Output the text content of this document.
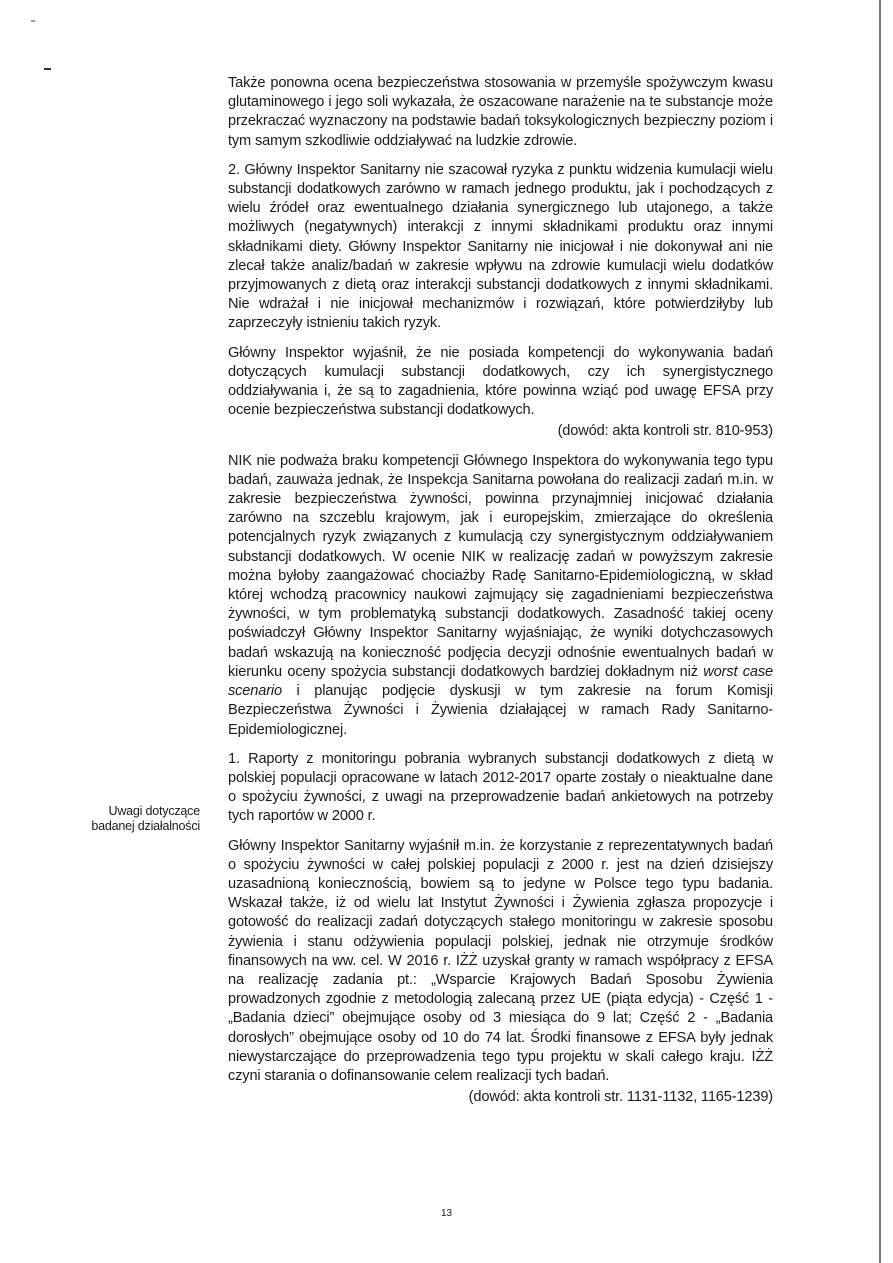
Także ponowna ocena bezpieczeństwa stosowania w przemyśle spożywczym kwasu glutaminowego i jego soli wykazała, że oszacowane narażenie na te substancje może przekraczać wyznaczony na podstawie badań toksykologicznych bezpieczny poziom i tym samym szkodliwie oddziaływać na ludzkie zdrowie.

2. Główny Inspektor Sanitarny nie szacował ryzyka z punktu widzenia kumulacji wielu substancji dodatkowych zarówno w ramach jednego produktu, jak i pochodzących z wielu źródeł oraz ewentualnego działania synergicznego lub utajonego, a także możliwych (negatywnych) interakcji z innymi składnikami produktu oraz innymi składnikami diety. Główny Inspektor Sanitarny nie inicjował i nie dokonywał ani nie zlecał także analiz/badań w zakresie wpływu na zdrowie kumulacji wielu dodatków przyjmowanych z dietą oraz interakcji substancji dodatkowych z innymi składnikami. Nie wdrażał i nie inicjował mechanizmów i rozwiązań, które potwierdziłyby lub zaprzeczyły istnieniu takich ryzyk.

Główny Inspektor wyjaśnił, że nie posiada kompetencji do wykonywania badań dotyczących kumulacji substancji dodatkowych, czy ich synergistycznego oddziaływania i, że są to zagadnienia, które powinna wziąć pod uwagę EFSA przy ocenie bezpieczeństwa substancji dodatkowych.

(dowód: akta kontroli str. 810-953)

NIK nie podważa braku kompetencji Głównego Inspektora do wykonywania tego typu badań, zauważa jednak, że Inspekcja Sanitarna powołana do realizacji zadań m.in. w zakresie bezpieczeństwa żywności, powinna przynajmniej inicjować działania zarówno na szczeblu krajowym, jak i europejskim, zmierzające do określenia potencjalnych ryzyk związanych z kumulacją czy synergistycznym oddziaływaniem substancji dodatkowych. W ocenie NIK w realizację zadań w powyższym zakresie można byłoby zaangażować chociażby Radę Sanitarno-Epidemiologiczną, w skład której wchodzą pracownicy naukowi zajmujący się zagadnieniami bezpieczeństwa żywności, w tym problematyką substancji dodatkowych. Zasadność takiej oceny poświadczył Główny Inspektor Sanitarny wyjaśniając, że wyniki dotychczasowych badań wskazują na konieczność podjęcia decyzji odnośnie ewentualnych badań w kierunku oceny spożycia substancji dodatkowych bardziej dokładnym niż worst case scenario i planując podjęcie dyskusji w tym zakresie na forum Komisji Bezpieczeństwa Żywności i Żywienia działającej w ramach Rady Sanitarno-Epidemiologicznej.

1. Raporty z monitoringu pobrania wybranych substancji dodatkowych z dietą w polskiej populacji opracowane w latach 2012-2017 oparte zostały o nieaktualne dane o spożyciu żywności, z uwagi na przeprowadzenie badań ankietowych na potrzeby tych raportów w 2000 r.

Główny Inspektor Sanitarny wyjaśnił m.in. że korzystanie z reprezentatywnych badań o spożyciu żywności w całej polskiej populacji z 2000 r. jest na dzień dzisiejszy uzasadnioną koniecznością, bowiem są to jedyne w Polsce tego typu badania. Wskazał także, iż od wielu lat Instytut Żywności i Żywienia zgłasza propozycje i gotowość do realizacji zadań dotyczących stałego monitoringu w zakresie sposobu żywienia i stanu odżywienia populacji polskiej, jednak nie otrzymuje środków finansowych na ww. cel. W 2016 r. IŻŻ uzyskał granty w ramach współpracy z EFSA na realizację zadania pt.: „Wsparcie Krajowych Badań Sposobu Żywienia prowadzonych zgodnie z metodologią zalecaną przez UE (piąta edycja) - Część 1 - „Badania dzieci” obejmujące osoby od 3 miesiąca do 9 lat; Część 2 - „Badania dorosłych” obejmujące osoby od 10 do 74 lat. Środki finansowe z EFSA były jednak niewystarczające do przeprowadzenia tego typu projektu w skali całego kraju. IŻŻ czyni starania o dofinansowanie celem realizacji tych badań.

(dowód: akta kontroli str. 1131-1132, 1165-1239)
Uwagi dotyczące
badanej działalności
13
